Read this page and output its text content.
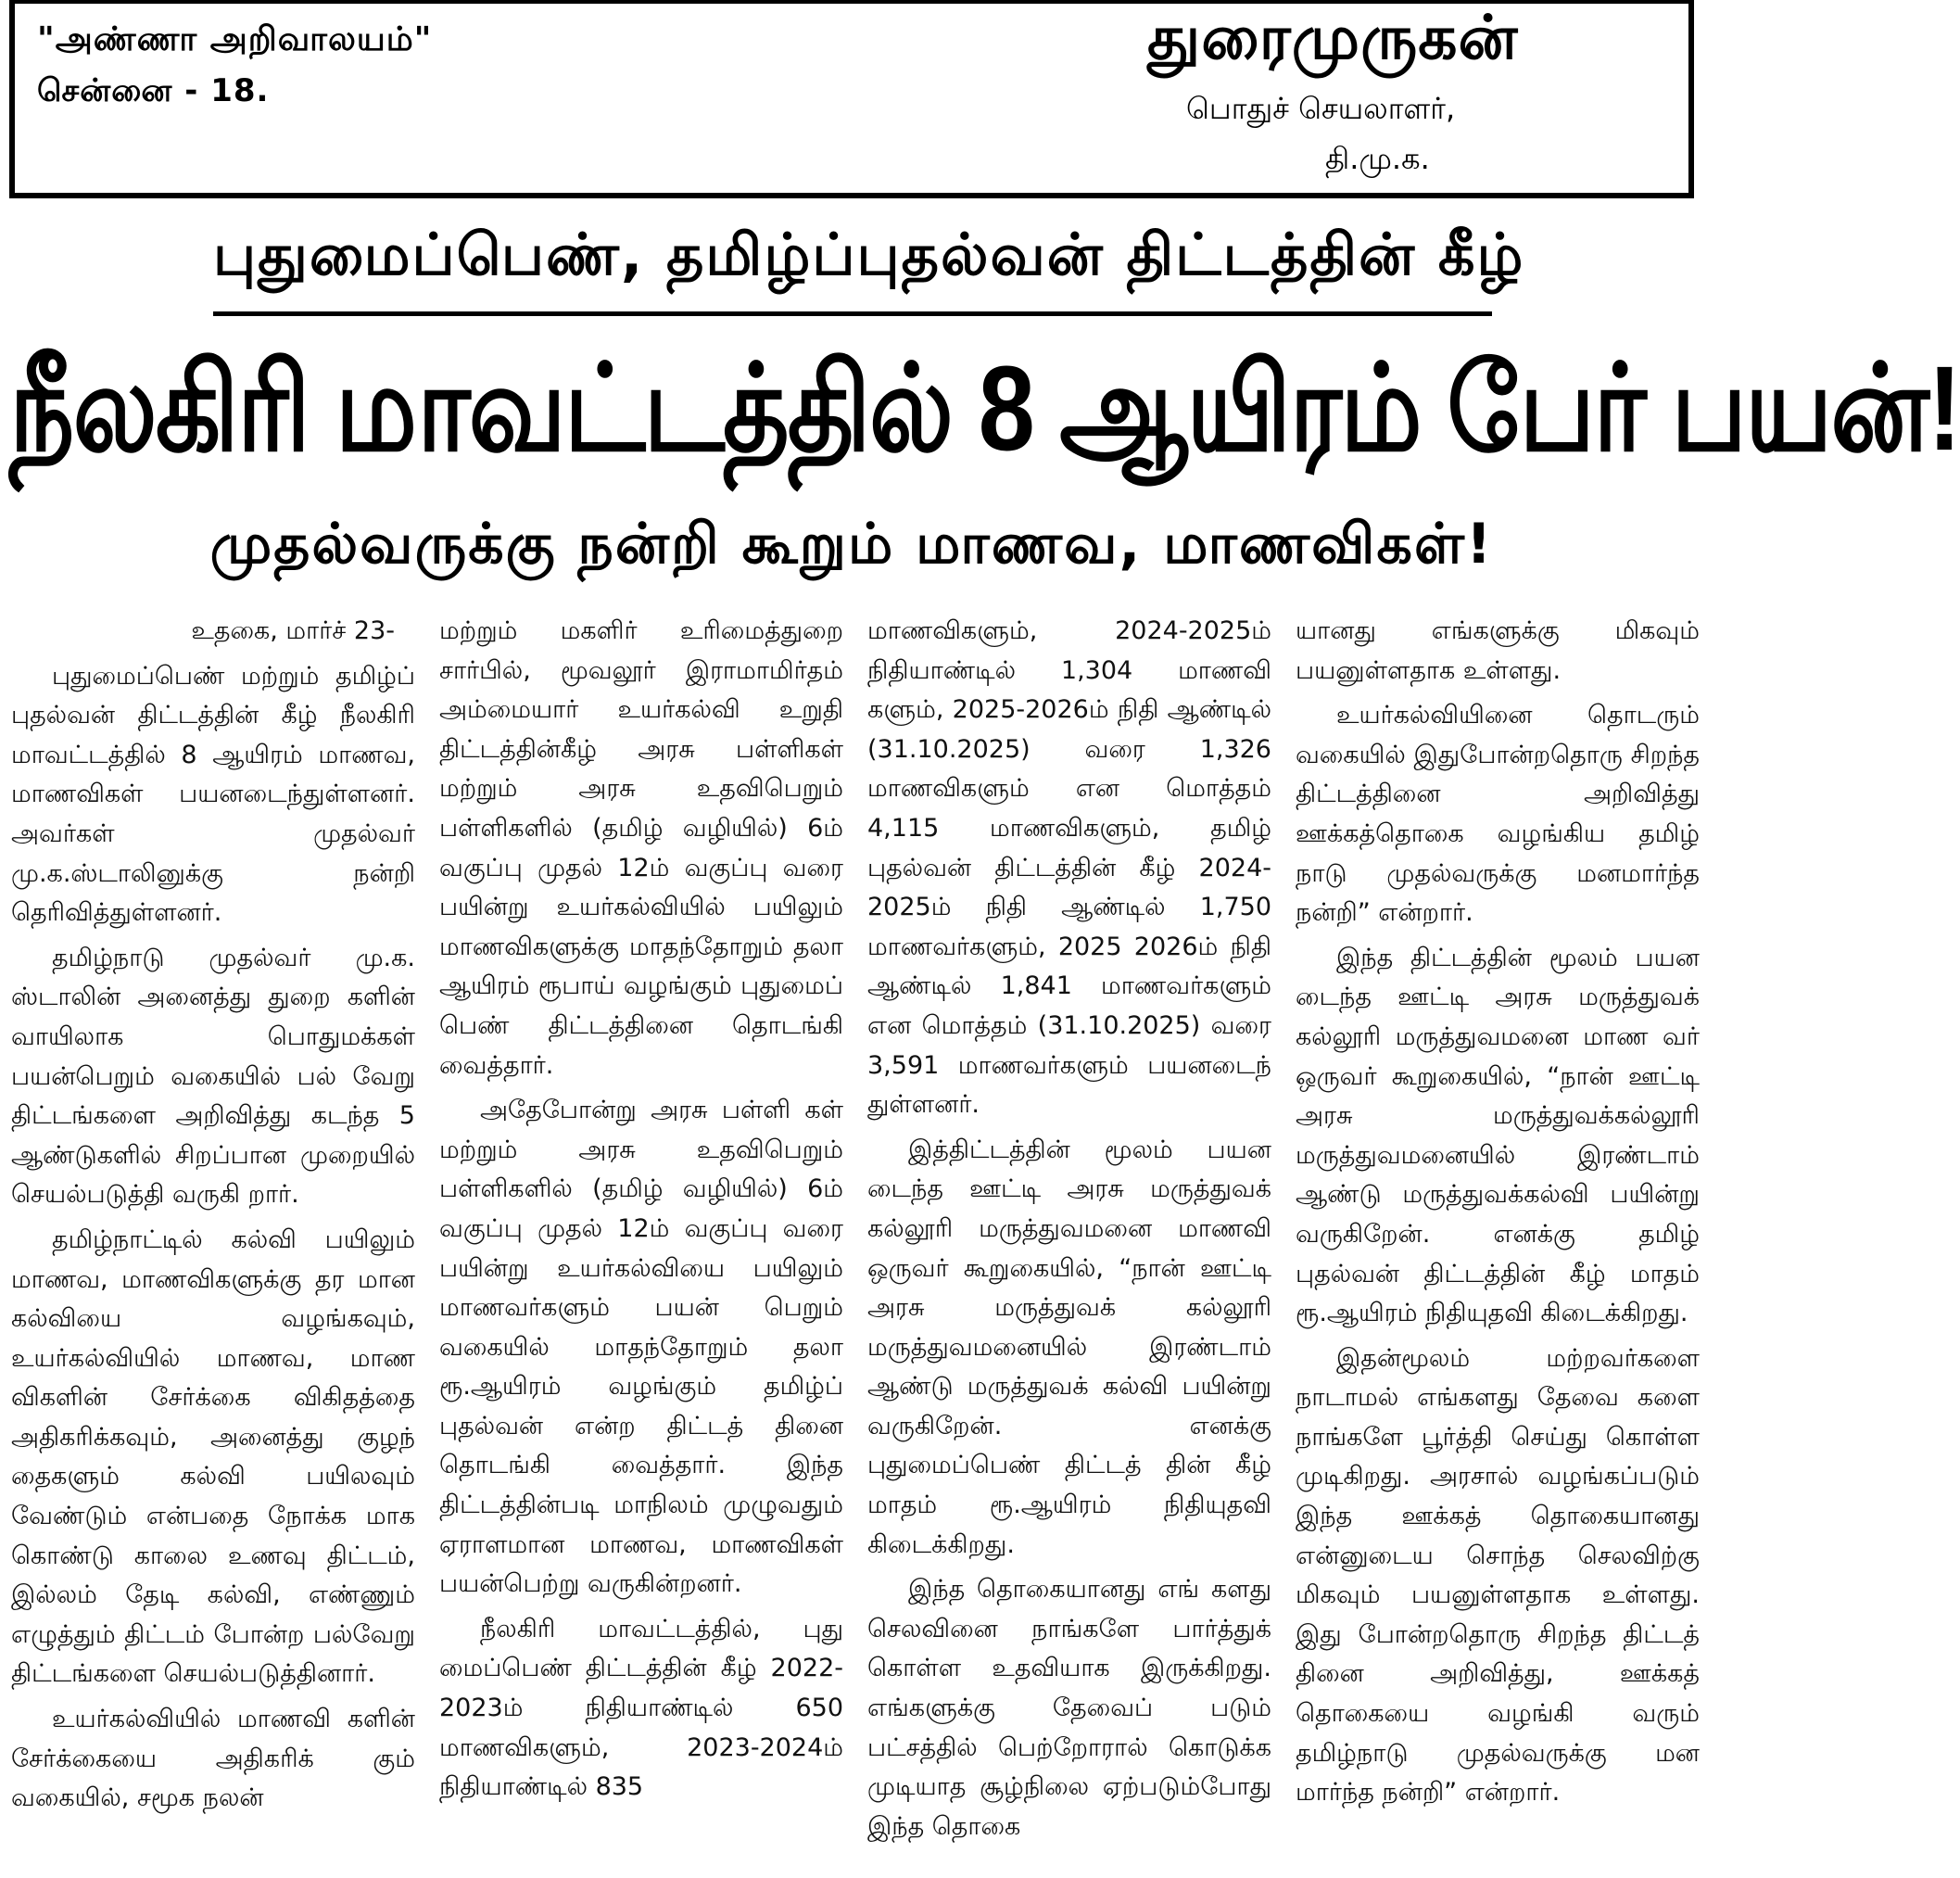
"அண்ணா அறிவாலயம்"
சென்னை - 18.
துரைமுருகன்
பொதுச் செயலாளர்,
தி.மு.க.
புதுமைப்பெண், தமிழ்ப்புதல்வன் திட்டத்தின் கீழ்
நீலகிரி மாவட்டத்தில் 8 ஆயிரம் பேர் பயன்!
முதல்வருக்கு நன்றி கூறும் மாணவ, மாணவிகள்!

உதகை, மார்ச் 23-

புதுமைப்பெண் மற்றும் தமிழ்ப் புதல்வன் திட்டத்தின் கீழ் நீலகிரி மாவட்டத்தில் 8 ஆயிரம் மாணவ, மாணவிகள் பயனடைந்துள்ளனர். அவர்கள் முதல்வர் மு.க.ஸ்டாலினுக்கு நன்றி தெரிவித்துள்ளனர்.

தமிழ்நாடு முதல்வர் மு.க. ஸ்டாலின் அனைத்து துறை களின் வாயிலாக பொதுமக்கள் பயன்பெறும் வகையில் பல் வேறு திட்டங்களை அறிவித்து கடந்த 5 ஆண்டுகளில் சிறப்பான முறையில் செயல்படுத்தி வருகி றார்.

தமிழ்நாட்டில் கல்வி பயிலும் மாணவ, மாணவிகளுக்கு தர மான கல்வியை வழங்கவும், உயர்கல்வியில் மாணவ, மாண விகளின் சேர்க்கை விகிதத்தை அதிகரிக்கவும், அனைத்து குழந் தைகளும் கல்வி பயிலவும் வேண்டும் என்பதை நோக்க மாக கொண்டு காலை உணவு திட்டம், இல்லம் தேடி கல்வி, எண்ணும் எழுத்தும் திட்டம் போன்ற பல்வேறு திட்டங்களை செயல்படுத்தினார்.

உயர்கல்வியில் மாணவி களின் சேர்க்கையை அதிகரிக் கும் வகையில், சமூக நலன்

மற்றும் மகளிர் உரிமைத்துறை சார்பில், மூவலூர் இராமாமிர்தம் அம்மையார் உயர்கல்வி உறுதி திட்டத்தின்கீழ் அரசு பள்ளிகள் மற்றும் அரசு உதவிபெறும் பள்ளிகளில் (தமிழ் வழியில்) 6ம் வகுப்பு முதல் 12ம் வகுப்பு வரை பயின்று உயர்கல்வியில் பயிலும் மாணவிகளுக்கு மாதந்தோறும் தலா ஆயிரம் ரூபாய் வழங்கும் புதுமைப் பெண் திட்டத்தினை தொடங்கி வைத்தார்.

அதேபோன்று அரசு பள்ளி கள் மற்றும் அரசு உதவிபெறும் பள்ளிகளில் (தமிழ் வழியில்) 6ம் வகுப்பு முதல் 12ம் வகுப்பு வரை பயின்று உயர்கல்வியை பயிலும் மாணவர்களும் பயன் பெறும் வகையில் மாதந்தோறும் தலா ரூ.ஆயிரம் வழங்கும் தமிழ்ப் புதல்வன் என்ற திட்டத் தினை தொடங்கி வைத்தார். இந்த திட்டத்தின்படி மாநிலம் முழுவதும் ஏராளமான மாணவ, மாணவிகள் பயன்பெற்று வருகின்றனர்.

நீலகிரி மாவட்டத்தில், புது மைப்பெண் திட்டத்தின் கீழ் 2022-2023ம் நிதியாண்டில் 650 மாணவிகளும், 2023-2024ம் நிதியாண்டில் 835

மாணவிகளும், 2024-2025ம் நிதியாண்டில் 1,304 மாணவி களும், 2025-2026ம் நிதி ஆண்டில் (31.10.2025) வரை 1,326 மாணவிகளும் என மொத்தம் 4,115 மாணவிகளும், தமிழ் புதல்வன் திட்டத்தின் கீழ் 2024-2025ம் நிதி ஆண்டில் 1,750 மாணவர்களும், 2025 2026ம் நிதி ஆண்டில் 1,841 மாணவர்களும் என மொத்தம் (31.10.2025) வரை 3,591 மாணவர்களும் பயனடைந் துள்ளனர்.

இத்திட்டத்தின் மூலம் பயன டைந்த ஊட்டி அரசு மருத்துவக் கல்லூரி மருத்துவமனை மாணவி ஒருவர் கூறுகையில், “நான் ஊட்டி அரசு மருத்துவக் கல்லூரி மருத்துவமனையில் இரண்டாம் ஆண்டு மருத்துவக் கல்வி பயின்று வருகிறேன். எனக்கு புதுமைப்பெண் திட்டத் தின் கீழ் மாதம் ரூ.ஆயிரம் நிதியுதவி கிடைக்கிறது.

இந்த தொகையானது எங் களது செலவினை நாங்களே பார்த்துக் கொள்ள உதவியாக இருக்கிறது. எங்களுக்கு தேவைப் படும் பட்சத்தில் பெற்றோரால் கொடுக்க முடியாத சூழ்நிலை ஏற்படும்போது இந்த தொகை

யானது எங்களுக்கு மிகவும் பயனுள்ளதாக உள்ளது.

உயர்கல்வியினை தொடரும் வகையில் இதுபோன்றதொரு சிறந்த திட்டத்தினை அறிவித்து ஊக்கத்தொகை வழங்கிய தமிழ் நாடு முதல்வருக்கு மனமார்ந்த நன்றி” என்றார்.

இந்த திட்டத்தின் மூலம் பயன டைந்த ஊட்டி அரசு மருத்துவக் கல்லூரி மருத்துவமனை மாண வர் ஒருவர் கூறுகையில், “நான் ஊட்டி அரசு மருத்துவக்கல்லூரி மருத்துவமனையில் இரண்டாம் ஆண்டு மருத்துவக்கல்வி பயின்று வருகிறேன். எனக்கு தமிழ் புதல்வன் திட்டத்தின் கீழ் மாதம் ரூ.ஆயிரம் நிதியுதவி கிடைக்கிறது.

இதன்மூலம் மற்றவர்களை நாடாமல் எங்களது தேவை களை நாங்களே பூர்த்தி செய்து கொள்ள முடிகிறது. அரசால் வழங்கப்படும் இந்த ஊக்கத் தொகையானது என்னுடைய சொந்த செலவிற்கு மிகவும் பயனுள்ளதாக உள்ளது. இது போன்றதொரு சிறந்த திட்டத் தினை அறிவித்து, ஊக்கத் தொகையை வழங்கி வரும் தமிழ்நாடு முதல்வருக்கு மன மார்ந்த நன்றி” என்றார்.
